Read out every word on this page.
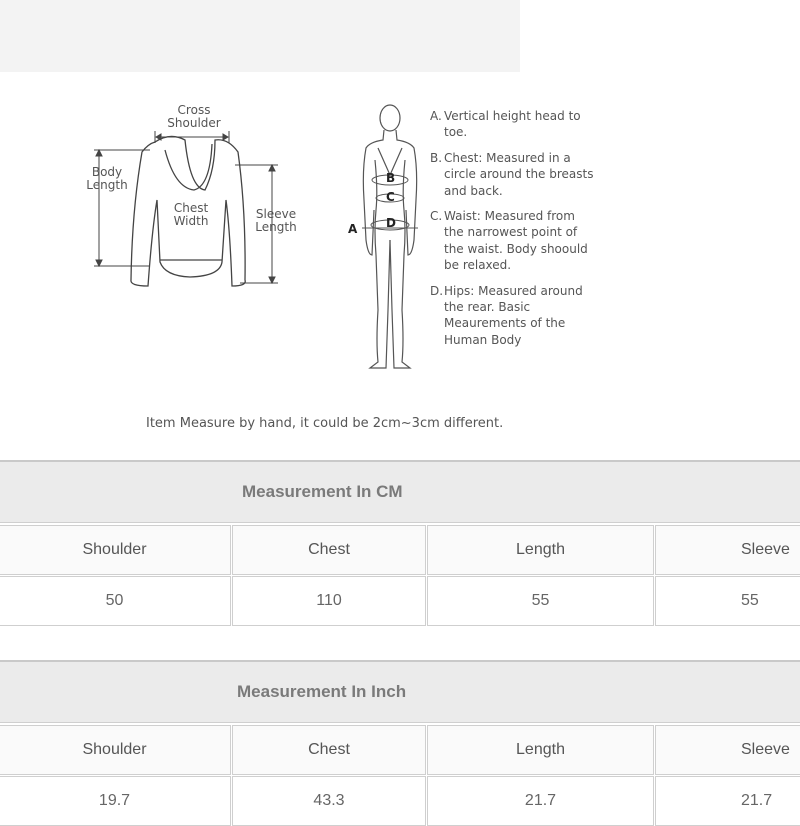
Cross Shoulder
Body Length
Chest Width	Sleeve Length	A
B
C
D
A. Vertical height head to toe.
B. Chest: Measured in a circle around the breasts and back.
C. Waist: Measured from the narrowest point of the waist. Body shoould be relaxed.
D. Hips: Measured around the rear. Basic Meaurements of the Human Body
Item Measure by hand, it could be 2cm~3cm different.
Measurement In CM
Shoulder	Chest	Length	Sleeve
50	110	55	55
Measurement In Inch
Shoulder	Chest	Length	Sleeve
19.7	43.3	21.7	21.7
